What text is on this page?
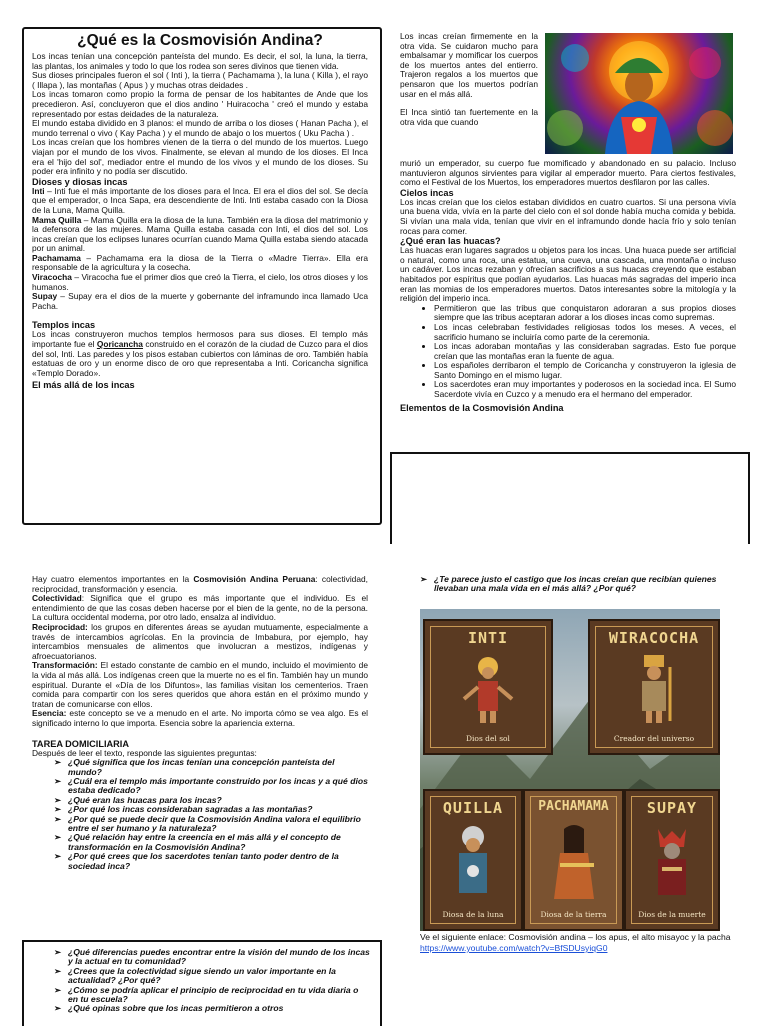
¿Qué es la Cosmovisión Andina?

Los incas tenían una concepción panteísta del mundo. Es decir, el sol, la luna, la tierra, las plantas, los animales y todo lo que los rodea son seres divinos que tienen vida.

Sus dioses principales fueron el sol ( Inti ), la tierra ( Pachamama ), la luna ( Killa ), el rayo ( Illapa ), las montañas ( Apus ) y muchas otras deidades .

Los incas tomaron como propio la forma de pensar de los habitantes de Ande que los precedieron. Así, concluyeron que el dios andino ' Huiracocha ' creó el mundo y estaba representado por estas deidades de la naturaleza.

El mundo estaba dividido en 3 planos: el mundo de arriba o los dioses ( Hanan Pacha ), el mundo terrenal o vivo ( Kay Pacha ) y el mundo de abajo o los muertos ( Uku Pacha ) .

Los incas creían que los hombres vienen de la tierra o del mundo de los muertos. Luego viajan por el mundo de los vivos. Finalmente, se elevan al mundo de los dioses. El Inca era el 'hijo del sol', mediador entre el mundo de los vivos y el mundo de los dioses. Su poder era infinito y no podía ser discutido.

Dioses y diosas incas

Inti – Inti fue el más importante de los dioses para el Inca. El era el dios del sol. Se decía que el emperador, o Inca Sapa, era descendiente de Inti. Inti estaba casado con la Diosa de la Luna, Mama Quilla.

Mama Quilla – Mama Quilla era la diosa de la luna. También era la diosa del matrimonio y la defensora de las mujeres. Mama Quilla estaba casada con Inti, el dios del sol. Los incas creían que los eclipses lunares ocurrían cuando Mama Quilla estaba siendo atacada por un animal.

Pachamama – Pachamama era la diosa de la Tierra o «Madre Tierra». Ella era responsable de la agricultura y la cosecha.

Viracocha – Viracocha fue el primer dios que creó la Tierra, el cielo, los otros dioses y los humanos.

Supay – Supay era el dios de la muerte y gobernante del inframundo inca llamado Uca Pacha.

Templos incas

Los incas construyeron muchos templos hermosos para sus dioses. El templo más importante fue el Qoricancha construido en el corazón de la ciudad de Cuzco para el dios del sol, Inti. Las paredes y los pisos estaban cubiertos con láminas de oro. También había estatuas de oro y un enorme disco de oro que representaba a Inti. Coricancha significa «Templo Dorado».

El más allá de los incas

Los incas creían firmemente en la otra vida. Se cuidaron mucho para embalsamar y momificar los cuerpos de los muertos antes del entierro. Trajeron regalos a los muertos que pensaron que los muertos podrían usar en el más allá.

El Inca sintió tan fuertemente en la otra vida que cuando

murió un emperador, su cuerpo fue momificado y abandonado en su palacio. Incluso mantuvieron algunos sirvientes para vigilar al emperador muerto. Para ciertos festivales, como el Festival de los Muertos, los emperadores muertos desfilaron por las calles.

Cielos incas

Los incas creían que los cielos estaban divididos en cuatro cuartos. Si una persona vivía una buena vida, vivía en la parte del cielo con el sol donde había mucha comida y bebida. Si vivían una mala vida, tenían que vivir en el inframundo donde hacía frío y solo tenían rocas para comer.

¿Qué eran las huacas?

Las huacas eran lugares sagrados u objetos para los incas. Una huaca puede ser artificial o natural, como una roca, una estatua, una cueva, una cascada, una montaña o incluso un cadáver. Los incas rezaban y ofrecían sacrificios a sus huacas creyendo que estaban habitados por espíritus que podían ayudarlos. Las huacas más sagradas del imperio inca eran las momias de los emperadores muertos. Datos interesantes sobre la mitología y la religión del imperio inca.

• Permitieron que las tribus que conquistaron adoraran a sus propios dioses siempre que las tribus aceptaran adorar a los dioses incas como supremas.
• Los incas celebraban festividades religiosas todos los meses. A veces, el sacrificio humano se incluiría como parte de la ceremonia.
• Los incas adoraban montañas y las consideraban sagradas. Esto fue porque creían que las montañas eran la fuente de agua.
• Los españoles derribaron el templo de Coricancha y construyeron la iglesia de Santo Domingo en el mismo lugar.
• Los sacerdotes eran muy importantes y poderosos en la sociedad inca. El Sumo Sacerdote vivía en Cuzco y a menudo era el hermano del emperador.
Elementos de la Cosmovisión Andina

Hay cuatro elementos importantes en la Cosmovisión Andina Peruana: colectividad, reciprocidad, transformación y esencia.

Colectividad: Significa que el grupo es más importante que el individuo. Es el entendimiento de que las cosas deben hacerse por el bien de la gente, no de la persona. La cultura occidental moderna, por otro lado, ensalza al individuo.

Reciprocidad: los grupos en diferentes áreas se ayudan mutuamente, especialmente a través de intercambios agrícolas. En la provincia de Imbabura, por ejemplo, hay intercambios mensuales de alimentos que involucran a mestizos, indígenas y afroecuatorianos.

Transformación: El estado constante de cambio en el mundo, incluido el movimiento de la vida al más allá. Los indígenas creen que la muerte no es el fin. También hay un mundo espiritual. Durante el «Día de los Difuntos», las familias visitan los cementerios. Traen comida para compartir con los seres queridos que ahora están en el próximo mundo y tratan de comunicarse con ellos.

Esencia: este concepto se ve a menudo en el arte. No importa cómo se vea algo. Es el significado interno lo que importa. Esencia sobre la apariencia externa.

TAREA DOMICILIARIA

Después de leer el texto, responde las siguientes preguntas:

➢ ¿Qué significa que los incas tenían una concepción panteísta del mundo?
➢ ¿Cuál era el templo más importante construido por los incas y a qué dios estaba dedicado?
➢ ¿Qué eran las huacas para los incas?
➢ ¿Por qué los incas consideraban sagradas a las montañas?
➢ ¿Por qué se puede decir que la Cosmovisión Andina valora el equilibrio entre el ser humano y la naturaleza?
➢ ¿Qué relación hay entre la creencia en el más allá y el concepto de transformación en la Cosmovisión Andina?
➢ ¿Por qué crees que los sacerdotes tenían tanto poder dentro de la sociedad inca?
➢ ¿Qué diferencias puedes encontrar entre la visión del mundo de los incas y la actual en tu comunidad?
➢ ¿Crees que la colectividad sigue siendo un valor importante en la actualidad? ¿Por qué?
➢ ¿Cómo se podría aplicar el principio de reciprocidad en tu vida diaria o en tu escuela?
➢ ¿Qué opinas sobre que los incas permitieron a otros
➢ ¿Te parece justo el castigo que los incas creían que recibían quienes llevaban una mala vida en el más allá? ¿Por qué?
INTI
Dios del sol
WIRACOCHA
Creador del universo
QUILLA
Diosa de la luna
PACHAMAMA
Diosa de la tierra
SUPAY
Dios de la muerte
Ve el siguiente enlace: Cosmovisión andina – los apus, el alto misayoc y la pacha https://www.youtube.com/watch?v=BfSDUsyiqG0
